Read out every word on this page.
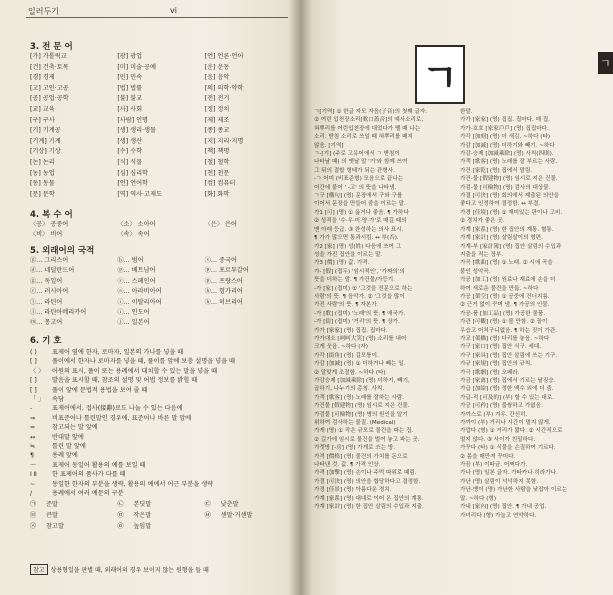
일러두기	vi
3. 전 문 어
[가] 가톨릭교	[광] 광업	[언] 언론·언어
[건] 건축·토목	[미] 미술·공예	[운] 운동
[경] 경제	[민] 민속	[음] 음악
[고] 고인·고공	[법] 법률	[의] 의학·약학
[공] 공업·공학	[불] 불교	[전] 전기
[교] 교육	[사] 사회	[정] 정치
[구] 구사	[사람] 인명	[제] 제조
[기] 기계공	[생] 생리·생물	[종] 종교
[기계] 기계	[생] 생산	[지] 지리·지명
[기상] 기상	[수] 수학	[책] 책명
[논] 논리	[식] 식물	[철] 철학
[농] 농업	[심] 심리학	[천] 천문
[동] 동물	[언] 언어학	[컴] 컴퓨터
[문] 문학	[역] 역사·고제도	[화] 화학
4. 복 수 어
〈공〉 공중어	〈소〉 소아어	〈은〉 은어
〈비〉 비어	〈속〉 속어
5. 외래어의 국적
ⓖ… 그리스어	ⓑ… 범어	ⓢ… 중국어
ⓓ… 네덜란드어	ⓟ… 베트남어	ⓟ… 포르투갈어
ⓖ… 독일어	ⓢ… 스페인어	ⓟ… 프랑스어
ⓡ… 러시아어	ⓐ… 아라비아어	ⓗ… 헝가리어
ⓛ… 라틴어	ⓘ… 이탈리아어	ⓗ… 히브리어
ⓛ… 라틴아메리카어	ⓘ… 인도어
ⓜ… 몽고어	ⓙ… 일본어
6. 기 호
( ) 표제어 옆에 한자, 로마자, 일본의 가나를 넣을 때
[ ] 풀이에서 한자나 로마자를 넣을 때, 풀이를 앞에 보충 설명을 넣을 때
〈 〉 어원의 표시, 풀이 또는 용례에서 대치할 수 있는 말을 넣을 때
[ ] 발음을 표시할 때, 참조의 설명 및 어법 정보를 밝힐 때
[ ] 풀이 앞에 문법적 용법을 보여 줄 때
「 」 속담
-	표제어에서, 접사(接辭)로도 나눌 수 있는 다음에
⇒	비표준어나 틀린말인 경우에, 표준어나 바른 말 앞에
=	참고되는 말 앞에
↔	반대말 앞에
≒	틀린 말 앞에
¶	용례 앞에
〜	표제어 동일어 활용의 예를 보일 때
Ⅰ Ⅱ 한 표제어의 품사가 다를 때
~	동일한 한자의 부분을 생략, 활용의 예에서 어근 부분을 생략
/	용례에서 여러 예문의 구분
㉠	준말	㉡	본딧말	㉢	낮춘말
㉣	큰말	㉤	작은말	㉥	센말·거센말
㉦	참고말	㉧	높임말
참고 상용형일을 판별 때, 외래어의 경우 보이지 않는 원형을 들 때

ㄱ[기역] ① 한글 자모 자음(子音)의 첫째 글자.

② 여린 입천장소리[軟口蓋音]의 예사소리로,

혀뿌리를 여린입천장에 대었다가 뗄 때 나는

소리. 받침 소리로 쓰일 때 혀뿌리를 떼지

않음. [기역]

ㄱ-[기] (주로 고유어에서 ㄱ 받침이

나타날 때) 의 옛날 말 '기'와 함께 쓰여

그 뒤의 결합 형태가 되는 관형사.

-ㄱ 어미 (비표준형) 모음으로 끝나는

어간에 붙어 ' -고' 의 뜻을 나타냄.

ㄱ구 [構句] (명) 문장에서 구와 구를

이어서 문장을 만들어 줌을 이르는 말.

가1 [可] (명) ① 옳거나 좋음. ¶ 가하다

② 성적을 '수·우·미·양·가'로 매길 때의

맨 아래 등급. ③ 찬성하는 의사 표시.

¶ 가가 많으면 통과시킴. ↔ 부(否).

가2 [家] (명) 성(姓) 다음에 쓰여 그

성을 가진 집안을 이르는 말.

가3 [價] (명) 값. 가격.

가- [假] (접두) '임시적인', '가짜의'의

뜻을 더하는 말. ¶ 가건물/가등기.

-가 [家] (접미) ① '그것을 전문으로 하는

사람'의 뜻. ¶ 음악가. ② '그것을 많이

가진 사람'의 뜻. ¶ 자본가.

-가 [歌] (접미) '노래'의 뜻. ¶ 애국가.

-가 [街] (접미) '거리'의 뜻. ¶ 상가.

가가 [家家] (명) 집집. 집마다.

가가대소 [呵呵大笑] (명) 소리를 내어

크게 웃음. ~하다 (자)

가각 [街角] (명) 길모퉁이.

가감 [加減] (명) ① 더하거나 빼는 일.

② 알맞게 조절함. ~하다 (타)

가감승제 [加減乘除] (명) 더하기, 빼기,

곱하기, 나누기의 총칭. 사칙.

가객 [歌客] (명) 노래를 잘하는 사람.

가건물 [假建物] (명) 임시로 지은 건물.

가검물 [可檢物] (명) 병의 원인을 알기

위하여 검사하는 물질. (Medical)

가게 (명) ① 작은 규모로 물건을 파는 집.

② 길가에 임시로 물건을 벌여 놓고 파는 곳.

가겟방 [-房] (명) 가게로 쓰는 방.

가격 [價格] (명) 물건의 가치를 돈으로

나타낸 것. 값. ¶ 가격 인상.

가격 [加擊] (명) 손이나 주먹 따위로 때림.

가결 [可決] (명) 의안을 합당하다고 결정함.

가경 [佳景] (명) 아름다운 경치.

가계 [家系] (명) 대대로 이어 온 집안의 계통.

가계 [家計] (명) 한 집안 살림의 수입과 지출.

한말.

가가 [家家] (명) 집집. 집마다. 매 집.

가가-호호 [家家戶戶] (명) 집집마다.

가각 [加刻] (명) 더 새김. ~하다 (타)

가감 [加減] (명) 더하기와 빼기. ~하다

가감-승제 [加減乘除] (명) 사칙(四則).

가객 [歌客] (명) 노래를 잘 부르는 사람.

가건 [家乾] (명) 집에서 말림.

가건-물 [假建物] (명) 임시로 지은 건물.

가검-물 [可檢物] (명) 검사의 대상물.

가결 [可決] (명) 회의에서 제출된 의안을

좋다고 인정하여 결정함. ↔ 부결.

가경 [佳境] (명) ① 재미있는 판이나 고비.

② 경치가 좋은 곳.

가계 [家系] (명) 한 집안의 계통. 혈통.

가계 [家計] (명) 살림살이의 형편.

가계-부 [家計簿] (명) 집안 살림의 수입과

지출을 적는 장부.

가곡 [歌曲] (명) ① 노래. ② 시에 곡을

붙인 성악곡.

가공 [加工] (명) 원료나 재료에 손을 더

하여 새로운 물건을 만듦. ~하다

가공 [架空] (명) ① 공중에 건너지름.

② 근거 없이 꾸며 냄. ¶ 가공의 인물.

가공-품 [加工品] (명) 가공한 물품.

가관 [可觀] (명) ① 볼 만함. ② 꼴이

우습고 어처구니없음. ¶ 하는 짓이 가관.

가교 [架橋] (명) 다리를 놓음. ~하다

가구 [家口] (명) 집안 식구. 세대.

가구 [家具] (명) 집안 살림에 쓰는 기구.

가규 [家規] (명) 집안의 규칙.

가극 [歌劇] (명) 오페라.

가금 [家禽] (명) 집에서 기르는 날짐승.

가급 [加給] (명) 정한 액수 외에 더 줌.

가급-적 [可及的] (부) 할 수 있는 대로.

가긍 [可矜] (명) 불쌍하고 가엾음.

가까스로 (부) 겨우. 간신히.

가까이 (부) 거리나 시간이 멀지 않게.

가깝다 (형) ① 거리가 짧다. ② 시간적으로

멀지 않다. ③ 사이가 친밀하다.

가꾸다 (타) ① 식물을 손질하여 기르다.

② 몸을 매만져 꾸미다.

가끔 (부) 이따금. 어쩌다가.

가나 (명) 일본 글자. 가타카나·히라가나.

가난 (명) 살림이 넉넉하지 못함.

가난-뱅이 (명) 가난한 사람을 낮잡아 이르는

말. ~하다 (형)

가내 [家內] (명) 집안. ¶ 가내 공업.

가녀리다 (형) 가늘고 연약하다.

ㄱ	ㄱ
